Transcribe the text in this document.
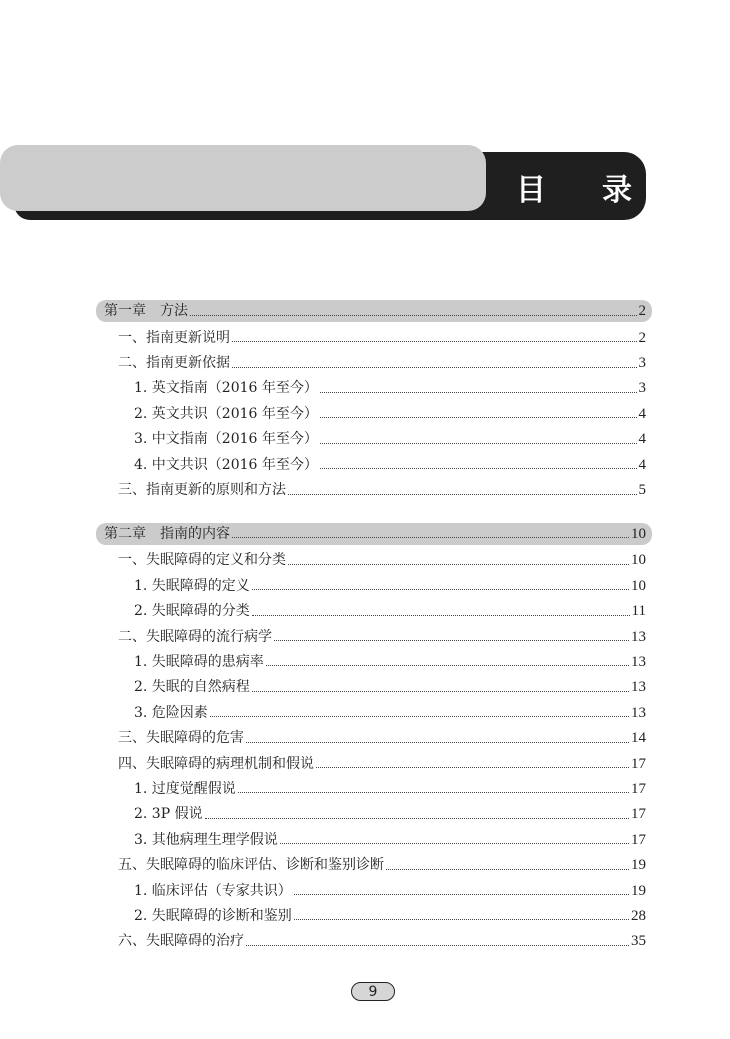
目 录
第一章　方法	2
一、指南更新说明	2
二、指南更新依据	3
1. 英文指南（2016 年至今）	3
2. 英文共识（2016 年至今）	4
3. 中文指南（2016 年至今）	4
4. 中文共识（2016 年至今）	4
三、指南更新的原则和方法	5
第二章　指南的内容	10
一、失眠障碍的定义和分类	10
1. 失眠障碍的定义	10
2. 失眠障碍的分类	11
二、失眠障碍的流行病学	13
1. 失眠障碍的患病率	13
2. 失眠的自然病程	13
3. 危险因素	13
三、失眠障碍的危害	14
四、失眠障碍的病理机制和假说	17
1. 过度觉醒假说	17
2. 3P 假说	17
3. 其他病理生理学假说	17
五、失眠障碍的临床评估、诊断和鉴别诊断	19
1. 临床评估（专家共识）	19
2. 失眠障碍的诊断和鉴别	28
六、失眠障碍的治疗	35
9
